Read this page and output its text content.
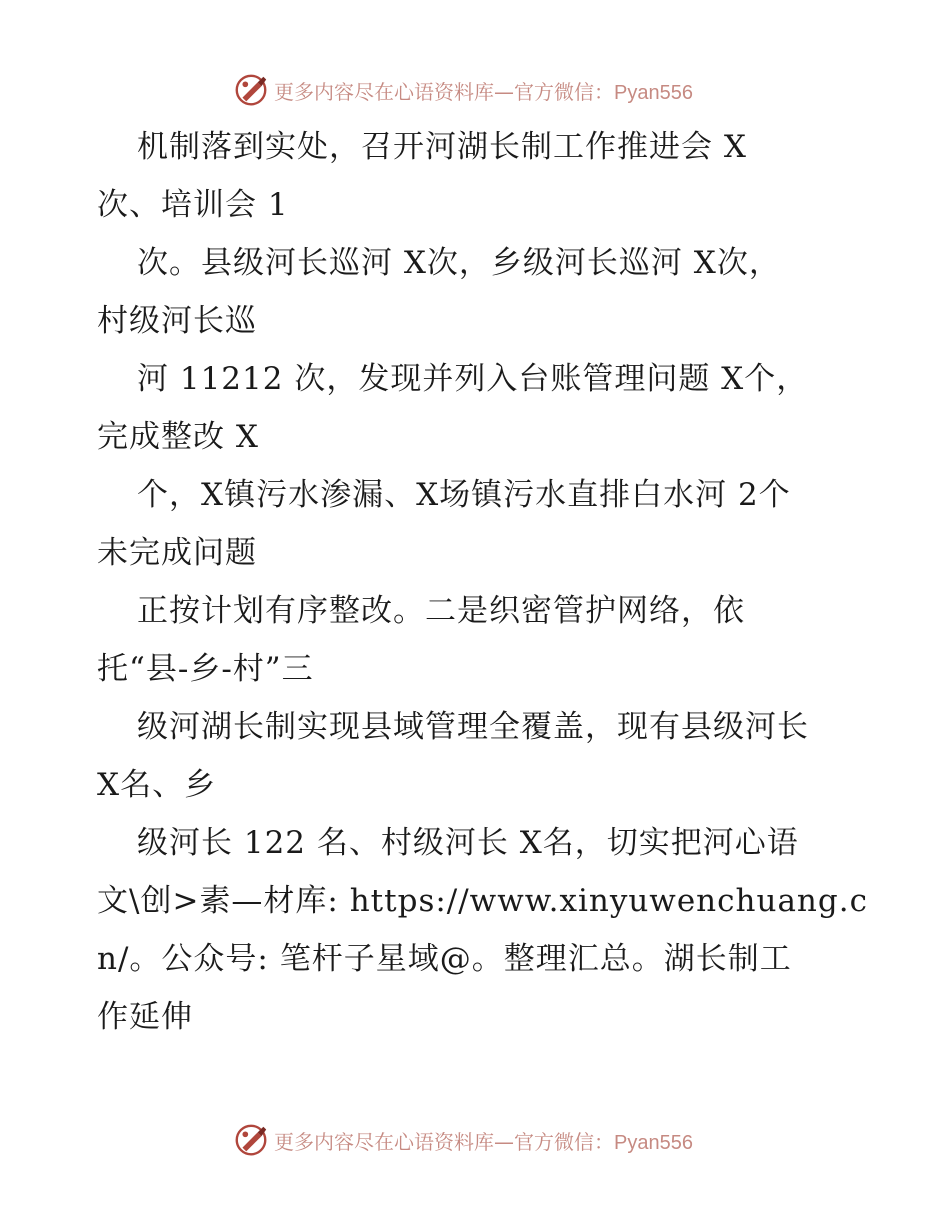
更多内容尽在心语资料库—官方微信：Pyan556
机制落到实处，召开河湖长制工作推进会 X
次、培训会 1
次。县级河长巡河 X次，乡级河长巡河 X次，
村级河长巡
河 11212 次，发现并列入台账管理问题 X个，
完成整改 X
个，X镇污水渗漏、X场镇污水直排白水河 2个
未完成问题
正按计划有序整改。二是织密管护网络，依
托“县-乡-村”三
级河湖长制实现县域管理全覆盖，现有县级河长
X名、乡
级河长 122 名、村级河长 X名，切实把河心语
文\创>素—材库: https://www.xinyuwenchuang.c
n/。公众号: 笔杆子星域@。整理汇总。湖长制工
作延伸
更多内容尽在心语资料库—官方微信：Pyan556
